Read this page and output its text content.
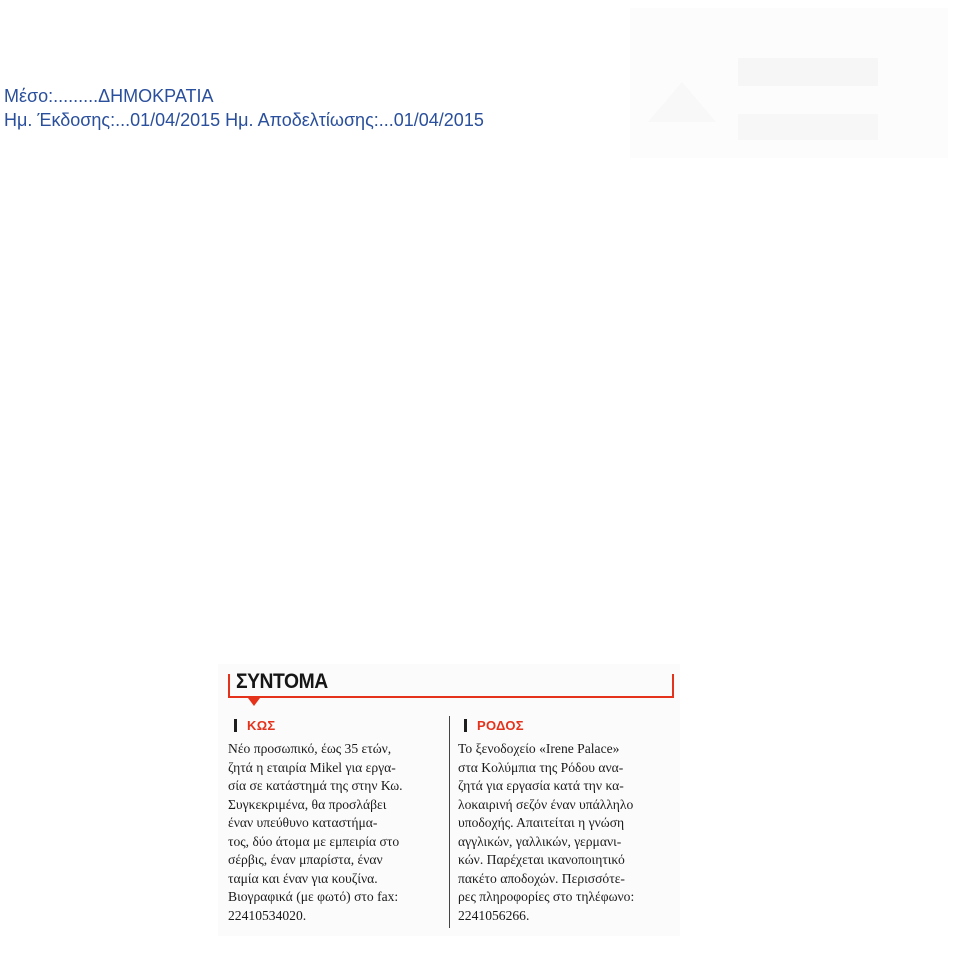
Μέσο:.........ΔΗΜΟΚΡΑΤΙΑ
Ημ. Έκδοσης:...01/04/2015 Ημ. Αποδελτίωσης:...01/04/2015
ΣΥΝΤΟΜΑ
ΚΩΣ

Νέο προσωπικό, έως 35 ετών,
ζητά η εταιρία Mikel για εργα-
σία σε κατάστημά της στην Κω.
Συγκεκριμένα, θα προσλάβει
έναν υπεύθυνο καταστήμα-
τος, δύο άτομα με εμπειρία στο
σέρβις, έναν μπαρίστα, έναν
ταμία και έναν για κουζίνα.
Βιογραφικά (με φωτό) στο fax:
22410534020.

ΡΟΔΟΣ

Το ξενοδοχείο «Irene Palace»
στα Κολύμπια της Ρόδου ανα-
ζητά για εργασία κατά την κα-
λοκαιρινή σεζόν έναν υπάλληλο
υποδοχής. Απαιτείται η γνώση
αγγλικών, γαλλικών, γερμανι-
κών. Παρέχεται ικανοποιητικό
πακέτο αποδοχών. Περισσότε-
ρες πληροφορίες στο τηλέφωνο:
2241056266.
